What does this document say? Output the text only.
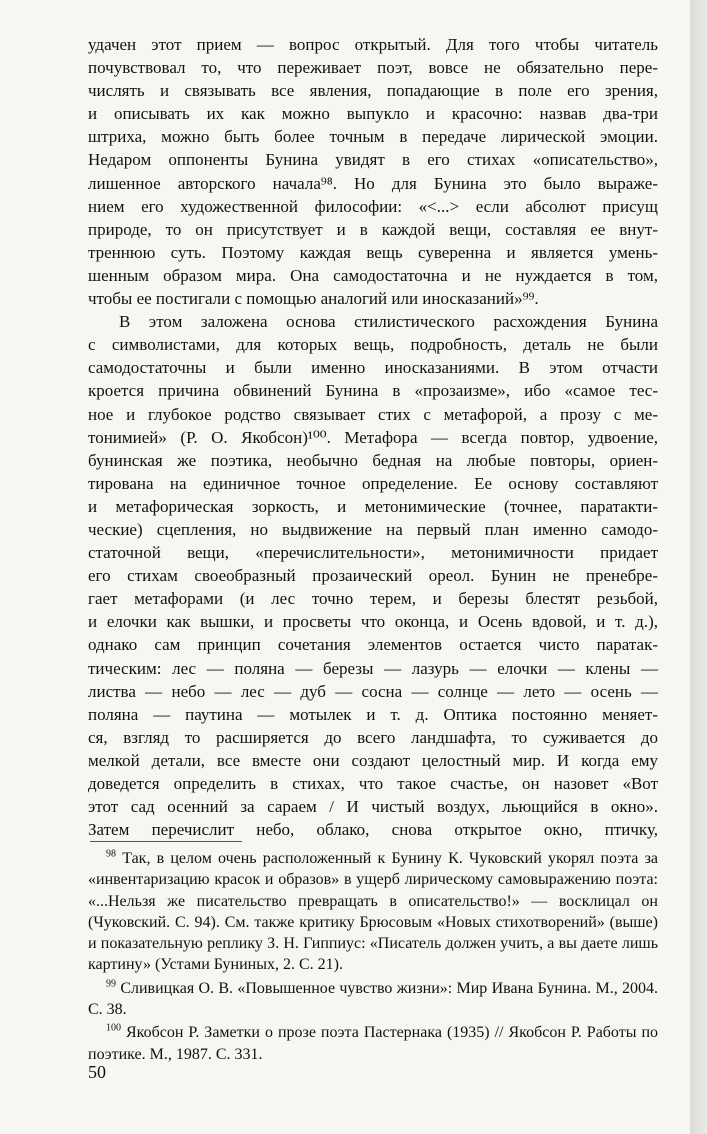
удачен этот прием — вопрос открытый. Для того чтобы читатель
почувствовал то, что переживает поэт, вовсе не обязательно пере-
числять и связывать все явления, попадающие в поле его зрения,
и описывать их как можно выпукло и красочно: назвав два-три
штриха, можно быть более точным в передаче лирической эмоции.
Недаром оппоненты Бунина увидят в его стихах «описательство»,
лишенное авторского начала⁹⁸. Но для Бунина это было выраже-
нием его художественной философии: «<...> если абсолют присущ
природе, то он присутствует и в каждой вещи, составляя ее внут-
треннюю суть. Поэтому каждая вещь суверенна и является умень-
шенным образом мира. Она самодостаточна и не нуждается в том,
чтобы ее постигали с помощью аналогий или иносказаний»⁹⁹.

В этом заложена основа стилистического расхождения Бунина
с символистами, для которых вещь, подробность, деталь не были
самодостаточны и были именно иносказаниями. В этом отчасти
кроется причина обвинений Бунина в «прозаизме», ибо «самое тес-
ное и глубокое родство связывает стих с метафорой, а прозу с ме-
тонимией» (Р. О. Якобсон)¹⁰⁰. Метафора — всегда повтор, удвоение,
бунинская же поэтика, необычно бедная на любые повторы, ориен-
тирована на единичное точное определение. Ее основу составляют
и метафорическая зоркость, и метонимические (точнее, паратакти-
ческие) сцепления, но выдвижение на первый план именно самодо-
статочной вещи, «перечислительности», метонимичности придает
его стихам своеобразный прозаический ореол. Бунин не пренебре-
гает метафорами (и лес точно терем, и березы блестят резьбой,
и елочки как вышки, и просветы что оконца, и Осень вдовой, и т. д.),
однако сам принцип сочетания элементов остается чисто паратак-
тическим: лес — поляна — березы — лазурь — елочки — клены —
листва — небо — лес — дуб — сосна — солнце — лето — осень —
поляна — паутина — мотылек и т. д. Оптика постоянно меняет-
ся, взгляд то расширяется до всего ландшафта, то суживается до
мелкой детали, все вместе они создают целостный мир. И когда ему
доведется определить в стихах, что такое счастье, он назовет «Вот
этот сад осенний за сараем / И чистый воздух, льющийся в окно».
Затем перечислит небо, облако, снова открытое окно, птичку,

$^{98}$ Так, в целом очень расположенный к Бунину К. Чуковский укорял поэта за «инвентаризацию красок и образов» в ущерб лирическому самовыражению поэта: «...Нельзя же писательство превращать в описательство!» — восклицал он (Чуковский. С. 94). См. также критику Брюсовым «Новых стихотворений» (выше) и показательную реплику З. Н. Гиппиус: «Писатель должен учить, а вы даете лишь картину» (Устами Буниных, 2. С. 21).

$^{99}$ Сливицкая О. В. «Повышенное чувство жизни»: Мир Ивана Бунина. М., 2004. С. 38.

$^{100}$ Якобсон Р. Заметки о прозе поэта Пастернака (1935) // Якобсон Р. Работы по поэтике. М., 1987. С. 331.

50
